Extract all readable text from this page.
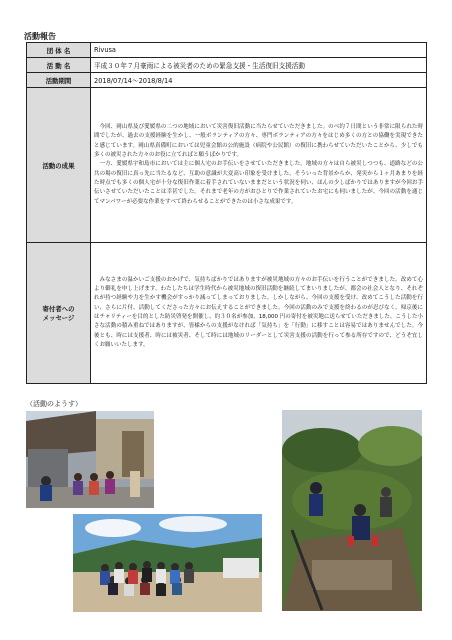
活動報告
団 体 名	Rivusa
活 動 名	平成３０年７月豪雨による被災者のための緊急支援・生活復旧支援活動
活動期間	2018/07/14～2018/8/14
活動の成果	今回、岡山県及び愛媛県の二つの地域において災害復旧活動に当たらせていただきました。のべ約７日間という非常に限られた時間でしたが、過去の支援経験を生かし、一般ボランティアの方々、専門ボランティアの方々をはじめ多くの方との協働を実現できたと感じています。岡山県真備町においては児童会館の公的施設（病院や公民館）の復旧に携わらせていただいたことから、少しでも多くの被災された方々のお役に立てればと願うばかりです。

一方、愛媛県宇和島市においては主に個人宅のお手伝いをさせていただきました。地域の方々は自ら被災しつつも、道路などの公共の場の復旧に真っ先に当たるなど、互助の意識が大変高い印象を受けました。そういった背景からか、発災から１ヶ月あまりを経た時点でも多くの個人宅が十分な復旧作業に着手されていないままだという状況を伺い、ほんの少しばかりではありますが今回お手伝いさせていただいたことは幸甚でした。それまで老年の方がおひとりで作業されていたお宅にも伺いましたが、今回の活動を通じてマンパワーが必要な作業をすべて終わらせることができたのは小さな成果です。

寄付者への
メッセージ	みなさまの温かいご支援のおかげで、気持ちばかりではありますが被災地域の方々のお手伝いを行うことができました。改めて心より御礼を申し上げます。わたしたちは学生時代から被災地域の復旧活動を継続してまいりましたが、都会の社会人となり、それぞれが持つ経験や力を生かす機会がすっかり減ってしまっておりました。しかしながら、今回の支援を受け、改めてこうした活動を行い、さらに片付、活動してくださった方々にお伝えすることができました。今回の活動のみで支援を終わるのが忍びなく、帰京後にはチャリティーを目的とした防災啓発を開催し、約３０名が参加、18,000 円の寄付を被災地に送らせていただきました。こうした小さな活動の積み重ねではありますが、皆様からの支援がなければ「気持ち」を「行動」に移すことは容易ではありませんでした。今後とも、時には支援者、時には被災者、そして時には地域のリーダーとして災害支援の活動を行って参る所存ですので、どうぞ宜しくお願いいたします。

（活動のようす）
